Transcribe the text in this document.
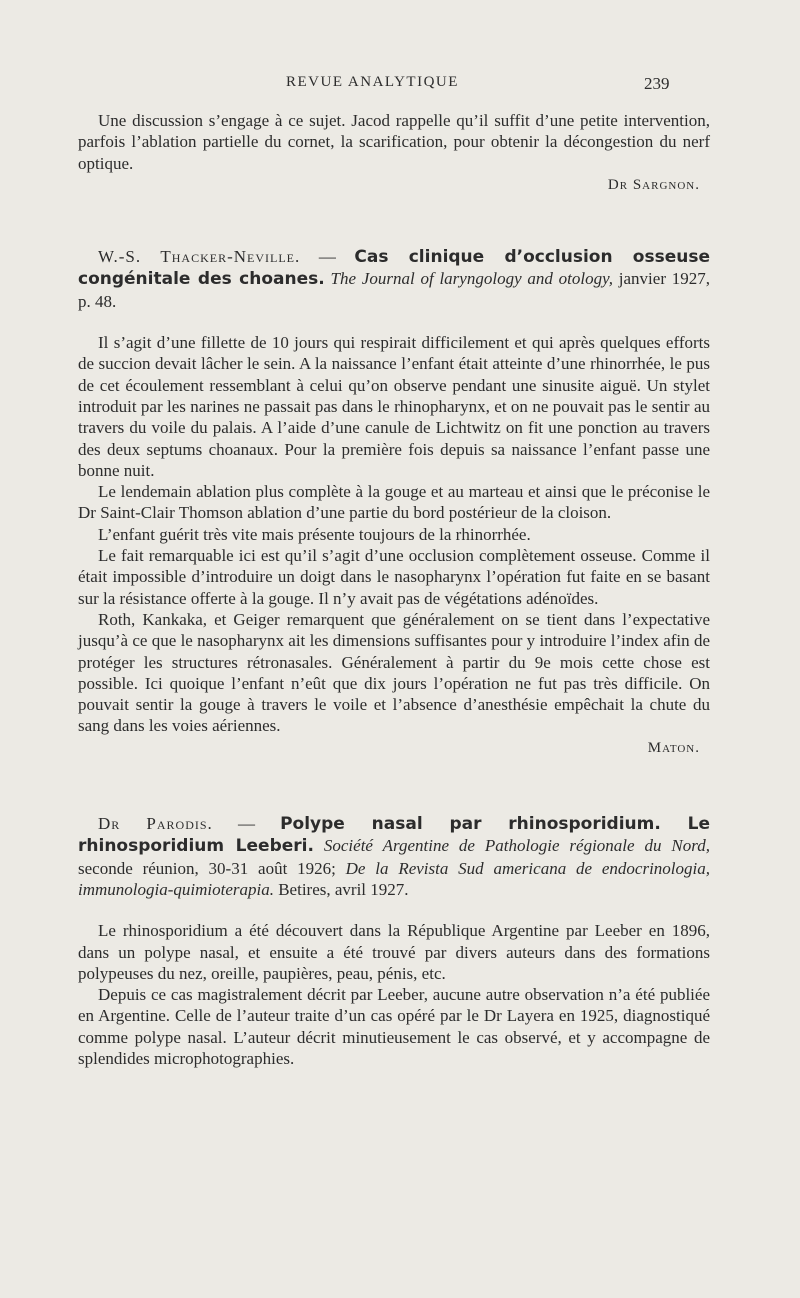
REVUE ANALYTIQUE	239

Une discussion s’engage à ce sujet. Jacod rappelle qu’il suffit d’une petite intervention, parfois l’ablation partielle du cornet, la scarification, pour obtenir la décongestion du nerf optique.

Dr Sargnon.

W.-S. Thacker-Neville. — Cas clinique d’occlusion osseuse congénitale des choanes. The Journal of laryngology and otology, janvier 1927, p. 48.

Il s’agit d’une fillette de 10 jours qui respirait difficilement et qui après quelques efforts de succion devait lâcher le sein. A la naissance l’enfant était atteinte d’une rhinorrhée, le pus de cet écoulement ressemblant à celui qu’on observe pendant une sinusite aiguë. Un stylet introduit par les narines ne passait pas dans le rhinopharynx, et on ne pouvait pas le sentir au travers du voile du palais. A l’aide d’une canule de Lichtwitz on fit une ponction au travers des deux septums choanaux. Pour la première fois depuis sa naissance l’enfant passe une bonne nuit.

Le lendemain ablation plus complète à la gouge et au marteau et ainsi que le préconise le Dr Saint-Clair Thomson ablation d’une partie du bord postérieur de la cloison.

L’enfant guérit très vite mais présente toujours de la rhinorrhée.

Le fait remarquable ici est qu’il s’agit d’une occlusion complètement osseuse. Comme il était impossible d’introduire un doigt dans le nasopharynx l’opération fut faite en se basant sur la résistance offerte à la gouge. Il n’y avait pas de végétations adénoïdes.

Roth, Kankaka, et Geiger remarquent que généralement on se tient dans l’expectative jusqu’à ce que le nasopharynx ait les dimensions suffisantes pour y introduire l’index afin de protéger les structures rétronasales. Généralement à partir du 9e mois cette chose est possible. Ici quoique l’enfant n’eût que dix jours l’opération ne fut pas très difficile. On pouvait sentir la gouge à travers le voile et l’absence d’anesthésie empêchait la chute du sang dans les voies aériennes.

Maton.

Dr Parodis. — Polype nasal par rhinosporidium. Le rhinosporidium Leeberi. Société Argentine de Pathologie régionale du Nord, seconde réunion, 30-31 août 1926; De la Revista Sud americana de endocrinologia, immunologia-quimioterapia. Betires, avril 1927.

Le rhinosporidium a été découvert dans la République Argentine par Leeber en 1896, dans un polype nasal, et ensuite a été trouvé par divers auteurs dans des formations polypeuses du nez, oreille, paupières, peau, pénis, etc.

Depuis ce cas magistralement décrit par Leeber, aucune autre observation n’a été publiée en Argentine. Celle de l’auteur traite d’un cas opéré par le Dr Layera en 1925, diagnostiqué comme polype nasal. L’auteur décrit minutieusement le cas observé, et y accompagne de splendides microphotographies.
